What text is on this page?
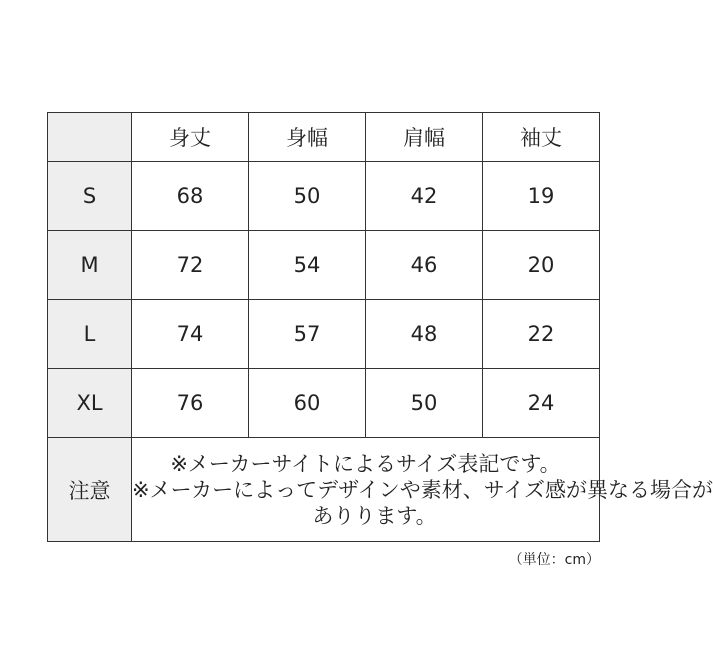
	身丈	身幅	肩幅	袖丈
S	68	50	42	19
M	72	54	46	20
L	74	57	48	22
XL	76	60	50	24
注意	※メーカーサイトによるサイズ表記です。
※メーカーによってデザインや素材、サイズ感が異なる場合が
ありります。			
（単位：cm）
